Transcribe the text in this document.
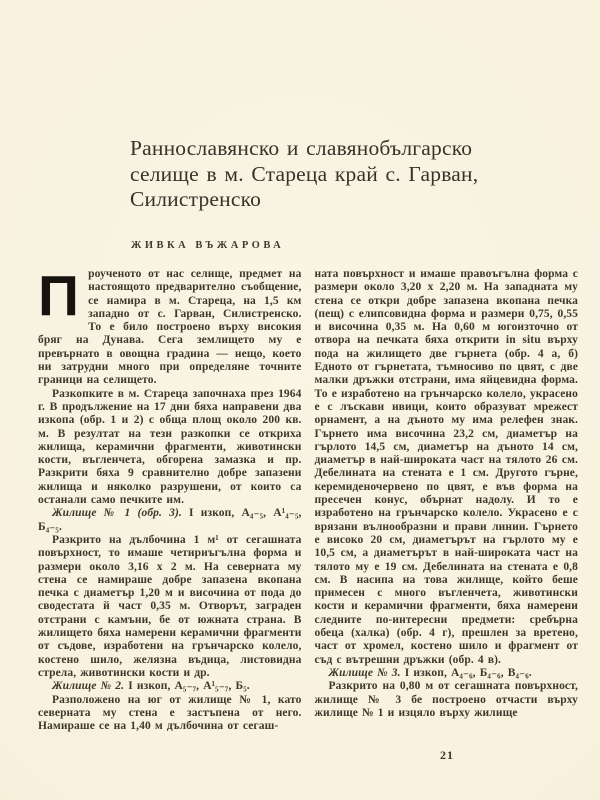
Раннославянско и славянобългарско
селище в м. Стареца край с. Гарван,
Силистренско
ЖИВКА ВЪЖАРОВА

Проученото от нас селище, предмет на настоящото предварително съобщение, се намира в м. Стареца, на 1,5 км западно от с. Гарван, Силистренско. То е било построено върху високия бряг на Дунава. Сега землището му е превърнато в овощна градина — нещо, което ни затрудни много при определяне точните граници на селището.

Разкопките в м. Стареца започнаха през 1964 г. В продължение на 17 дни бяха направени два изкопа (обр. 1 и 2) с обща площ около 200 кв. м. В резултат на тези разкопки се откриха жилища, керамични фрагменти, животински кости, въгленчета, обгорена замазка и пр. Разкрити бяха 9 сравнително добре запазени жилища и няколко разрушени, от които са останали само печките им.

Жилище № 1 (обр. 3). I изкоп, А₄₋₅, А¹₄₋₅, Б₄₋₅.

Разкрито на дълбочина 1 м¹ от сегашната повърхност, то имаше четириъгълна форма и размери около 3,16 х 2 м. На северната му стена се намираше добре запазена вкопана печка с диаметър 1,20 м и височина от пода до сводестата й част 0,35 м. Отворът, заграден отстрани с камъни, бе от южната страна. В жилището бяха намерени керамични фрагменти от съдове, изработени на грънчарско колело, костено шило, желязна въдица, листовидна стрела, животински кости и др.

Жилище № 2. I изкоп, А₅₋₇, А¹₅₋₇, Б₅.

Разположено на юг от жилище № 1, като северната му стена е застъпена от него. Намираше се на 1,40 м дълбочина от сегаш-

ната повърхност и имаше правоъгълна форма с размери около 3,20 х 2,20 м. На западната му стена се откри добре запазена вкопана печка (пещ) с елипсовидна форма и размери 0,75, 0,55 и височина 0,35 м. На 0,60 м югоизточно от отвора на печката бяха открити in situ върху пода на жилището две гърнета (обр. 4 а, б) Едното от гърнетата, тъмносиво по цвят, с две малки дръжки отстрани, има яйцевидна форма. То е изработено на грънчарско колело, украсено е с лъскави ивици, които образуват мрежест орнамент, а на дъното му има релефен знак. Гърнето има височина 23,2 см, диаметър на гърлото 14,5 см, диаметър на дъното 14 см, диаметър в най-широката част на тялото 26 см. Дебелината на стената е 1 см. Другото гърне, керемиденочервено по цвят, е във форма на пресечен конус, обърнат надолу. И то е изработено на грънчарско колело. Украсено е с врязани вълнообразни и прави линии. Гърнето е високо 20 см, диаметърът на гърлото му е 10,5 см, а диаметърът в най-широката част на тялото му е 19 см. Дебелината на стената е 0,8 см. В насипа на това жилище, който беше примесен с много въгленчета, животински кости и керамични фрагменти, бяха намерени следните по-интересни предмети: сребърна обеца (халка) (обр. 4 г), прешлен за вретено, част от хромел, костено шило и фрагмент от съд с вътрешни дръжки (обр. 4 в).

Жилище № 3. I изкоп, А₄₋₆, Б₄₋₆, В₄₋₆.

Разкрито на 0,80 м от сегашната повърхност, жилище № 3 бе построено отчасти върху жилище № 1 и изцяло върху жилище

21
